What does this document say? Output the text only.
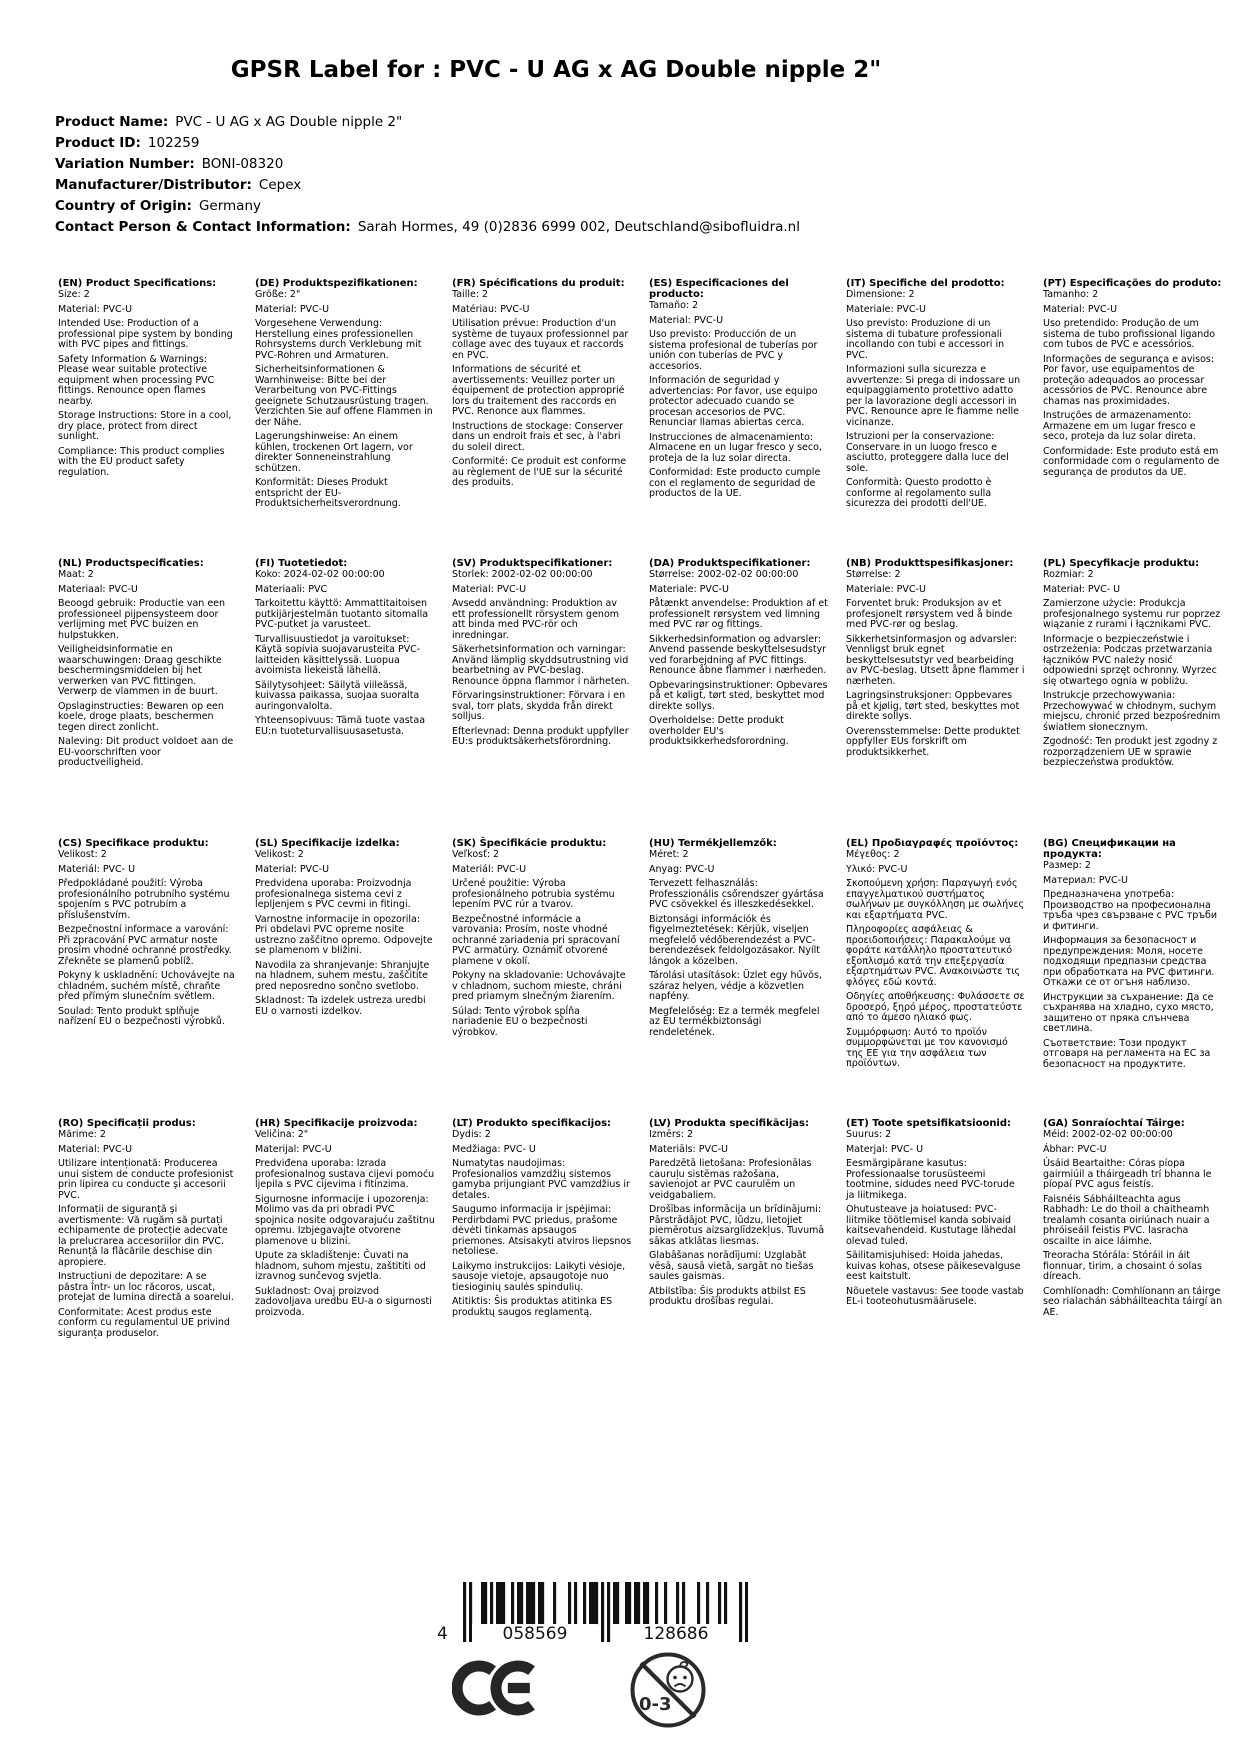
GPSR Label for : PVC - U AG x AG Double nipple 2"
Product Name: PVC - U AG x AG Double nipple 2"
Product ID: 102259
Variation Number: BONI-08320
Manufacturer/Distributor: Cepex
Country of Origin: Germany
Contact Person & Contact Information: Sarah Hormes, 49 (0)2836 6999 002, Deutschland@sibofluidra.nl
(EN) Product Specifications:

Size: 2

Material: PVC-U

Intended Use: Production of a professional pipe system by bonding with PVC pipes and fittings.

Safety Information & Warnings: Please wear suitable protective equipment when processing PVC fittings. Renounce open flames nearby.

Storage Instructions: Store in a cool, dry place, protect from direct sunlight.

Compliance: This product complies with the EU product safety regulation.

(DE) Produktspezifikationen:

Größe: 2"

Material: PVC-U

Vorgesehene Verwendung: Herstellung eines professionellen Rohrsystems durch Verklebung mit PVC-Rohren und Armaturen.

Sicherheitsinformationen & Warnhinweise: Bitte bei der Verarbeitung von PVC-Fittings geeignete Schutzausrüstung tragen. Verzichten Sie auf offene Flammen in der Nähe.

Lagerungshinweise: An einem kühlen, trockenen Ort lagern, vor direkter Sonneneinstrahlung schützen.

Konformität: Dieses Produkt entspricht der EU-Produktsicherheitsverordnung.

(FR) Spécifications du produit:

Taille: 2

Matériau: PVC-U

Utilisation prévue: Production d'un système de tuyaux professionnel par collage avec des tuyaux et raccords en PVC.

Informations de sécurité et avertissements: Veuillez porter un équipement de protection approprié lors du traitement des raccords en PVC. Renonce aux flammes.

Instructions de stockage: Conserver dans un endroit frais et sec, à l'abri du soleil direct.

Conformité: Ce produit est conforme au règlement de l'UE sur la sécurité des produits.

(ES) Especificaciones del producto:

Tamaño: 2

Material: PVC-U

Uso previsto: Producción de un sistema profesional de tuberías por unión con tuberías de PVC y accesorios.

Información de seguridad y advertencias: Por favor, use equipo protector adecuado cuando se procesan accesorios de PVC. Renunciar llamas abiertas cerca.

Instrucciones de almacenamiento: Almacene en un lugar fresco y seco, proteja de la luz solar directa.

Conformidad: Este producto cumple con el reglamento de seguridad de productos de la UE.

(IT) Specifiche del prodotto:

Dimensione: 2

Materiale: PVC-U

Uso previsto: Produzione di un sistema di tubature professionali incollando con tubi e accessori in PVC.

Informazioni sulla sicurezza e avvertenze: Si prega di indossare un equipaggiamento protettivo adatto per la lavorazione degli accessori in PVC. Renounce apre le fiamme nelle vicinanze.

Istruzioni per la conservazione: Conservare in un luogo fresco e asciutto, proteggere dalla luce del sole.

Conformità: Questo prodotto è conforme al regolamento sulla sicurezza dei prodotti dell'UE.

(PT) Especificações do produto:

Tamanho: 2

Material: PVC-U

Uso pretendido: Produção de um sistema de tubo profissional ligando com tubos de PVC e acessórios.

Informações de segurança e avisos: Por favor, use equipamentos de proteção adequados ao processar acessórios de PVC. Renounce abre chamas nas proximidades.

Instruções de armazenamento: Armazene em um lugar fresco e seco, proteja da luz solar direta.

Conformidade: Este produto está em conformidade com o regulamento de segurança de produtos da UE.

(NL) Productspecificaties:

Maat: 2

Materiaal: PVC-U

Beoogd gebruik: Productie van een professioneel pijpensysteem door verlijming met PVC buizen en hulpstukken.

Veiligheidsinformatie en waarschuwingen: Draag geschikte beschermingsmiddelen bij het verwerken van PVC fittingen. Verwerp de vlammen in de buurt.

Opslaginstructies: Bewaren op een koele, droge plaats, beschermen tegen direct zonlicht.

Naleving: Dit product voldoet aan de EU-voorschriften voor productveiligheid.

(FI) Tuotetiedot:

Koko: 2024-02-02 00:00:00

Materiaali: PVC

Tarkoitettu käyttö: Ammattitaitoisen putkijärjestelmän tuotanto sitomalla PVC-putket ja varusteet.

Turvallisuustiedot ja varoitukset: Käytä sopivia suojavarusteita PVC-laitteiden käsittelyssä. Luopua avoimista liekeistä lähellä.

Säilytysohjeet: Säilytä viileässä, kuivassa paikassa, suojaa suoralta auringonvalolta.

Yhteensopivuus: Tämä tuote vastaa EU:n tuoteturvallisuusasetusta.

(SV) Produktspecifikationer:

Storlek: 2002-02-02 00:00:00

Material: PVC-U

Avsedd användning: Produktion av ett professionellt rörsystem genom att binda med PVC-rör och inredningar.

Säkerhetsinformation och varningar: Använd lämplig skyddsutrustning vid bearbetning av PVC-beslag. Renounce öppna flammor i närheten.

Förvaringsinstruktioner: Förvara i en sval, torr plats, skydda från direkt solljus.

Efterlevnad: Denna produkt uppfyller EU:s produktsäkerhetsförordning.

(DA) Produktspecifikationer:

Størrelse: 2002-02-02 00:00:00

Materiale: PVC-U

Påtænkt anvendelse: Produktion af et professionelt rørsystem ved limning med PVC rør og fittings.

Sikkerhedsinformation og advarsler: Anvend passende beskyttelsesudstyr ved forarbejdning af PVC fittings. Renounce åbne flammer i nærheden.

Opbevaringsinstruktioner: Opbevares på et køligt, tørt sted, beskyttet mod direkte sollys.

Overholdelse: Dette produkt overholder EU's produktsikkerhedsforordning.

(NB) Produkttspesifikasjoner:

Størrelse: 2

Materiale: PVC-U

Forventet bruk: Produksjon av et profesjonelt rørsystem ved å binde med PVC-rør og beslag.

Sikkerhetsinformasjon og advarsler: Vennligst bruk egnet beskyttelsesutstyr ved bearbeiding av PVC-beslag. Utsett åpne flammer i nærheten.

Lagringsinstruksjoner: Oppbevares på et kjølig, tørt sted, beskyttes mot direkte sollys.

Overensstemmelse: Dette produktet oppfyller EUs forskrift om produktsikkerhet.

(PL) Specyfikacje produktu:

Rozmiar: 2

Materiał: PVC- U

Zamierzone użycie: Produkcja profesjonalnego systemu rur poprzez wiązanie z rurami i łącznikami PVC.

Informacje o bezpieczeństwie i ostrzeżenia: Podczas przetwarzania łączników PVC należy nosić odpowiedni sprzęt ochronny. Wyrzec się otwartego ognia w pobliżu.

Instrukcje przechowywania: Przechowywać w chłodnym, suchym miejscu, chronić przed bezpośrednim światłem słonecznym.

Zgodność: Ten produkt jest zgodny z rozporządzeniem UE w sprawie bezpieczeństwa produktów.

(CS) Specifikace produktu:

Velikost: 2

Materiál: PVC- U

Předpokládané použití: Výroba profesionálního potrubního systému spojením s PVC potrubím a příslušenstvím.

Bezpečnostní informace a varování: Při zpracování PVC armatur noste prosím vhodné ochranné prostředky. Zřekněte se plamenů poblíž.

Pokyny k uskladnění: Uchovávejte na chladném, suchém místě, chraňte před přímým slunečním světlem.

Soulad: Tento produkt splňuje nařízení EU o bezpečnosti výrobků.

(SL) Specifikacije izdelka:

Velikost: 2

Material: PVC-U

Predvidena uporaba: Proizvodnja profesionalnega sistema cevi z lepljenjem s PVC cevmi in fitingi.

Varnostne informacije in opozorila: Pri obdelavi PVC opreme nosite ustrezno zaščitno opremo. Odpovejte se plamenom v bližini.

Navodila za shranjevanje: Shranjujte na hladnem, suhem mestu, zaščitite pred neposredno sončno svetlobo.

Skladnost: Ta izdelek ustreza uredbi EU o varnosti izdelkov.

(SK) Špecifikácie produktu:

Veľkosť: 2

Materiál: PVC-U

Určené použitie: Výroba profesionálneho potrubia systému lepením PVC rúr a tvarov.

Bezpečnostné informácie a varovania: Prosím, noste vhodné ochranné zariadenia pri spracovaní PVC armatúry. Oznámiť otvorené plamene v okolí.

Pokyny na skladovanie: Uchovávajte v chladnom, suchom mieste, chráni pred priamym slnečným žiarením.

Súlad: Tento výrobok spĺňa nariadenie EU o bezpečnosti výrobkov.

(HU) Termékjellemzők:

Méret: 2

Anyag: PVC-U

Tervezett felhasználás: Professzionális csőrendszer gyártása PVC csövekkel és illeszkedésekkel.

Biztonsági információk és figyelmeztetések: Kérjük, viseljen megfelelő védőberendezést a PVC-berendezések feldolgozásakor. Nyílt lángok a közelben.

Tárolási utasítások: Üzlet egy hűvös, száraz helyen, védje a közvetlen napfény.

Megfelelőség: Ez a termék megfelel az EU termékbiztonsági rendeletének.

(EL) Προδιαγραφές προϊόντος:

Μέγεθος: 2

Υλικό: PVC-U

Σκοπούμενη χρήση: Παραγωγή ενός επαγγελματικού συστήματος σωλήνων με συγκόλληση με σωλήνες και εξαρτήματα PVC.

Πληροφορίες ασφάλειας & προειδοποιήσεις: Παρακαλούμε να φοράτε κατάλληλο προστατευτικό εξοπλισμό κατά την επεξεργασία εξαρτημάτων PVC. Ανακοινώστε τις φλόγες εδώ κοντά.

Οδηγίες αποθήκευσης: Φυλάσσετε σε δροσερό, ξηρό μέρος, προστατεύστε από το άμεσο ηλιακό φως.

Συμμόρφωση: Αυτό το προϊόν συμμορφώνεται με τον κανονισμό της ΕΕ για την ασφάλεια των προϊόντων.

(BG) Спецификации на продукта:

Размер: 2

Материал: PVC-U

Предназначена употреба: Производство на професионална тръба чрез свързване с PVC тръби и фитинги.

Информация за безопасност и предупреждения: Моля, носете подходящи предпазни средства при обработката на PVC фитинги. Откажи се от огъня наблизо.

Инструкции за съхранение: Да се съхранява на хладно, сухо място, защитено от пряка слънчева светлина.

Съответствие: Този продукт отговаря на регламента на ЕС за безопасност на продуктите.

(RO) Specificații produs:

Mărime: 2

Material: PVC-U

Utilizare intenționată: Producerea unui sistem de conducte profesionist prin lipirea cu conducte și accesorii PVC.

Informații de siguranță și avertismente: Vă rugăm să purtați echipamente de protecție adecvate la prelucrarea accesoriilor din PVC. Renunță la flăcările deschise din apropiere.

Instrucțiuni de depozitare: A se păstra într- un loc răcoros, uscat, protejat de lumina directă a soarelui.

Conformitate: Acest produs este conform cu regulamentul UE privind siguranța produselor.

(HR) Specifikacije proizvoda:

Veličina: 2"

Materijal: PVC-U

Predviđena uporaba: Izrada profesionalnog sustava cijevi pomoću ljepila s PVC cijevima i fitinzima.

Sigurnosne informacije i upozorenja: Molimo vas da pri obradi PVC spojnica nosite odgovarajuću zaštitnu opremu. Izbjegavajte otvorene plamenove u blizini.

Upute za skladištenje: Čuvati na hladnom, suhom mjestu, zaštititi od izravnog sunčevog svjetla.

Sukladnost: Ovaj proizvod zadovoljava uredbu EU-a o sigurnosti proizvoda.

(LT) Produkto specifikacijos:

Dydis: 2

Medžiaga: PVC- U

Numatytas naudojimas: Profesionalios vamzdžių sistemos gamyba prijungiant PVC vamzdžius ir detales.

Saugumo informacija ir įspėjimai: Perdirbdami PVC priedus, prašome dėvėti tinkamas apsaugos priemones. Atsisakyti atviros liepsnos netoliese.

Laikymo instrukcijos: Laikyti vėsioje, sausoje vietoje, apsaugotoje nuo tiesioginių saulės spindulių.

Atitiktis: Šis produktas atitinka ES produktų saugos reglamentą.

(LV) Produkta specifikācijas:

Izmērs: 2

Materiāls: PVC-U

Paredzētā lietošana: Profesionālas cauruļu sistēmas ražošana, savienojot ar PVC caurulēm un veidgabaliem.

Drošības informācija un brīdinājumi: Pārstrādājot PVC, lūdzu, lietojiet piemērotus aizsarglīdzekļus. Tuvumā sākas atklātas liesmas.

Glabāšanas norādījumi: Uzglabāt vēsā, sausā vietā, sargāt no tiešas saules gaismas.

Atbilstība: Šis produkts atbilst ES produktu drošības regulai.

(ET) Toote spetsifikatsioonid:

Suurus: 2

Materjal: PVC- U

Eesmärgipärane kasutus: Professionaalse torusüsteemi tootmine, sidudes need PVC-torude ja liitmikega.

Ohutusteave ja hoiatused: PVC-liitmike töötlemisel kanda sobivaid kaitsevahendeid. Kustutage lähedal olevad tuled.

Säilitamisjuhised: Hoida jahedas, kuivas kohas, otsese päikesevalguse eest kaitstult.

Nõuetele vastavus: See toode vastab EL-i tooteohutusmäärusele.

(GA) Sonraíochtaí Táirge:

Méid: 2002-02-02 00:00:00

Ábhar: PVC-U

Úsáid Beartaithe: Córas píopa gairmiúil a tháirgeadh trí bhanna le píopaí PVC agus feistís.

Faisnéis Sábháilteachta agus Rabhadh: Le do thoil a chaitheamh trealamh cosanta oiriúnach nuair a phróiseáil feistis PVC. lasracha oscailte in aice láimhe.

Treoracha Stórála: Stóráil in áit fionnuar, tirim, a chosaint ó solas díreach.

Comhlíonadh: Comhlíonann an táirge seo rialachán sábháilteachta táirgí an AE.

4	058569	128686
0-3
